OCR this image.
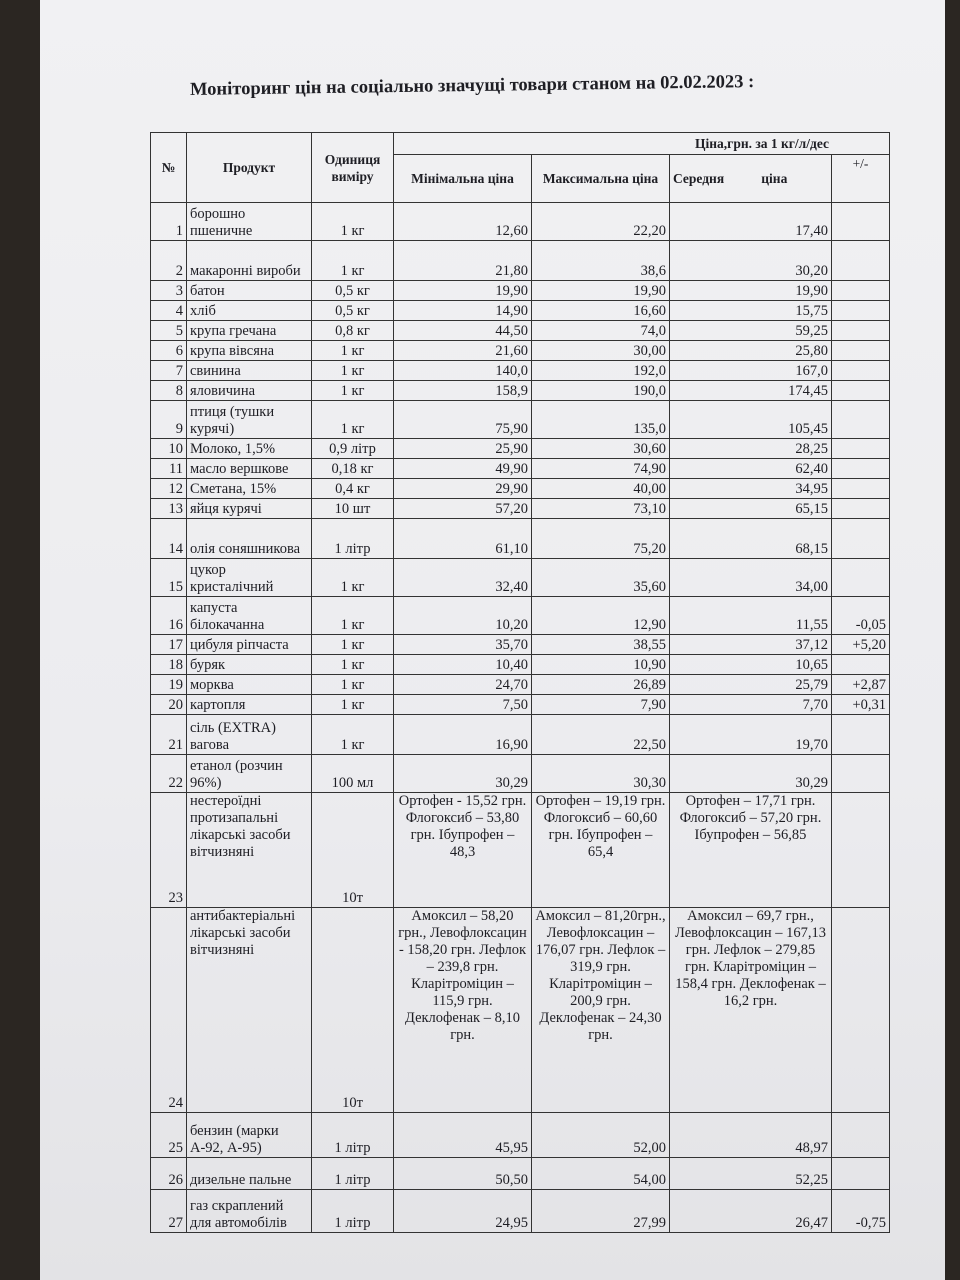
Моніторинг цін на соціально значущі товари станом на 02.02.2023 :
№	Продукт	Одиниця виміру	Ціна,грн. за 1 кг/л/дес			
			Мінімальна ціна	Максимальна ціна	Середня ціна	+/-
1	борошно пшеничне	1 кг	12,60	22,20	17,40	
2	макаронні вироби	1 кг	21,80	38,6	30,20	
3	батон	0,5 кг	19,90	19,90	19,90	
4	хліб	0,5 кг	14,90	16,60	15,75	
5	крупа гречана	0,8 кг	44,50	74,0	59,25	
6	крупа вівсяна	1 кг	21,60	30,00	25,80	
7	свинина	1 кг	140,0	192,0	167,0	
8	яловичина	1 кг	158,9	190,0	174,45	
9	птиця (тушки курячі)	1 кг	75,90	135,0	105,45	
10	Молоко, 1,5%	0,9 літр	25,90	30,60	28,25	
11	масло вершкове	0,18 кг	49,90	74,90	62,40	
12	Сметана, 15%	0,4 кг	29,90	40,00	34,95	
13	яйця курячі	10 шт	57,20	73,10	65,15	
14	олія соняшникова	1 літр	61,10	75,20	68,15	
15	цукор кристалічний	1 кг	32,40	35,60	34,00	
16	капуста білокачанна	1 кг	10,20	12,90	11,55	-0,05
17	цибуля ріпчаста	1 кг	35,70	38,55	37,12	+5,20
18	буряк	1 кг	10,40	10,90	10,65	
19	морква	1 кг	24,70	26,89	25,79	+2,87
20	картопля	1 кг	7,50	7,90	7,70	+0,31
21	сіль (EXTRA) вагова	1 кг	16,90	22,50	19,70	
22	етанол (розчин 96%)	100 мл	30,29	30,30	30,29	
23	нестероїдні протизапальні лікарські засоби вітчизняні	10т	Ортофен - 15,52 грн. Флогоксиб – 53,80 грн. Ібупрофен – 48,3	Ортофен – 19,19 грн. Флогоксиб – 60,60 грн. Ібупрофен – 65,4	Ортофен – 17,71 грн. Флогоксиб – 57,20 грн. Ібупрофен – 56,85	
24	антибактеріальні лікарські засоби вітчизняні	10т	Амоксил – 58,20 грн., Левофлоксацин - 158,20 грн. Лефлок – 239,8 грн. Кларітроміцин – 115,9 грн. Деклофенак – 8,10 грн.	Амоксил – 81,20грн., Левофлоксацин – 176,07 грн. Лефлок – 319,9 грн. Кларітроміцин – 200,9 грн. Деклофенак – 24,30 грн.	Амоксил – 69,7 грн., Левофлоксацин – 167,13 грн. Лефлок – 279,85 грн. Кларітроміцин – 158,4 грн. Деклофенак – 16,2 грн.	
25	бензин (марки А-92, А-95)	1 літр	45,95	52,00	48,97	
26	дизельне пальне	1 літр	50,50	54,00	52,25	
27	газ скраплений для автомобілів	1 літр	24,95	27,99	26,47	-0,75
